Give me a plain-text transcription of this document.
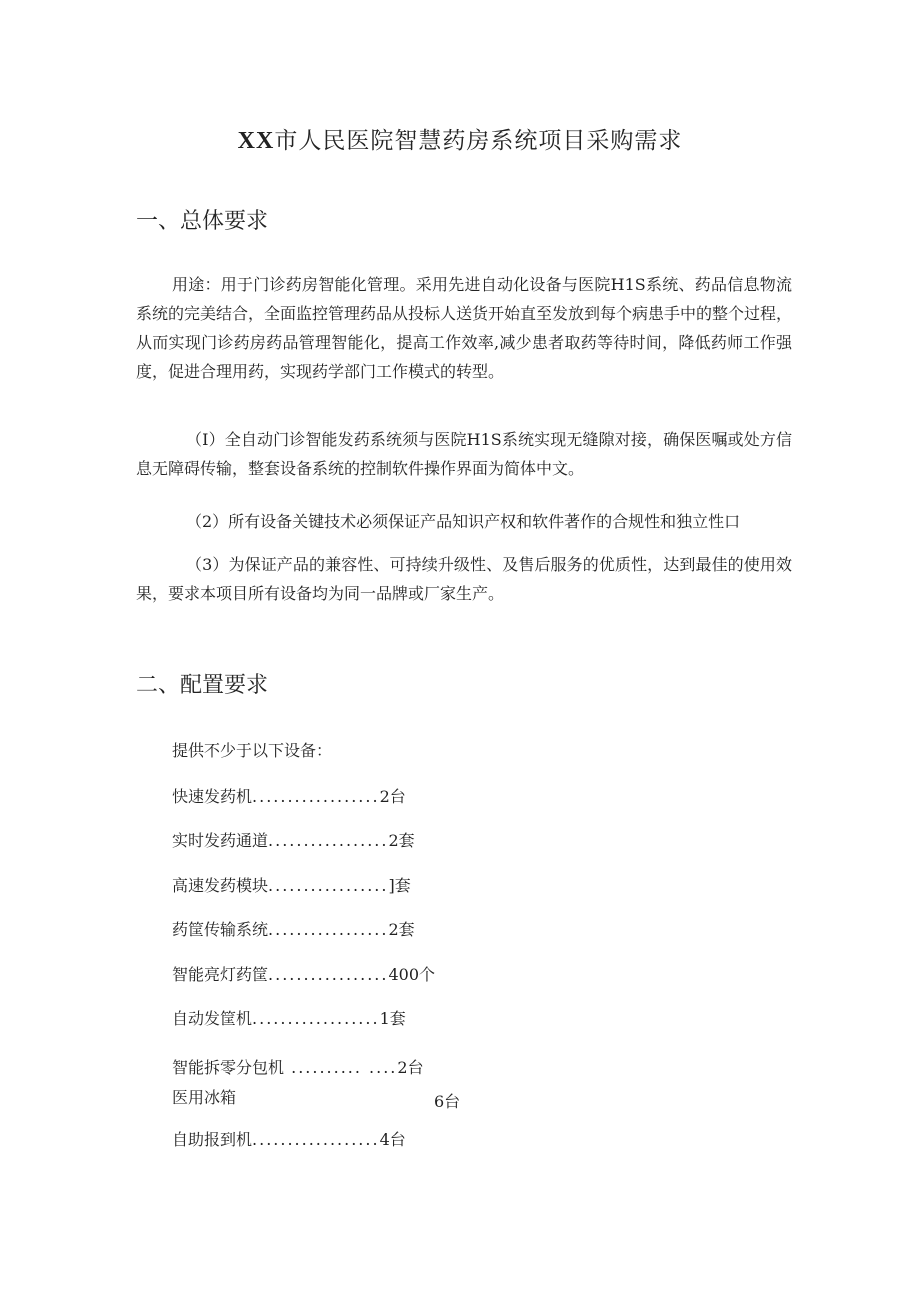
XX市人民医院智慧药房系统项目采购需求
一、总体要求
用途：用于门诊药房智能化管理。采用先进自动化设备与医院H1S系统、药品信息物流系统的完美结合，全面监控管理药品从投标人送货开始直至发放到每个病患手中的整个过程，从而实现门诊药房药品管理智能化，提高工作效率,减少患者取药等待时间，降低药师工作强度，促进合理用药，实现药学部门工作模式的转型。
（I）全自动门诊智能发药系统须与医院H1S系统实现无缝隙对接，确保医嘱或处方信息无障碍传输，整套设备系统的控制软件操作界面为简体中文。
（2）所有设备关键技术必须保证产品知识产权和软件著作的合规性和独立性口
（3）为保证产品的兼容性、可持续升级性、及售后服务的优质性，达到最佳的使用效果，要求本项目所有设备均为同一品牌或厂家生产。
二、配置要求
提供不少于以下设备：
快速发药机..................2台
实时发药通道.................2套
高速发药模块.................]套
药筐传输系统.................2套
智能亮灯药筐.................400个
自动发筐机..................1套
智能拆零分包机 .......... ....2台
医用冰箱	6台
自助报到机..................4台
